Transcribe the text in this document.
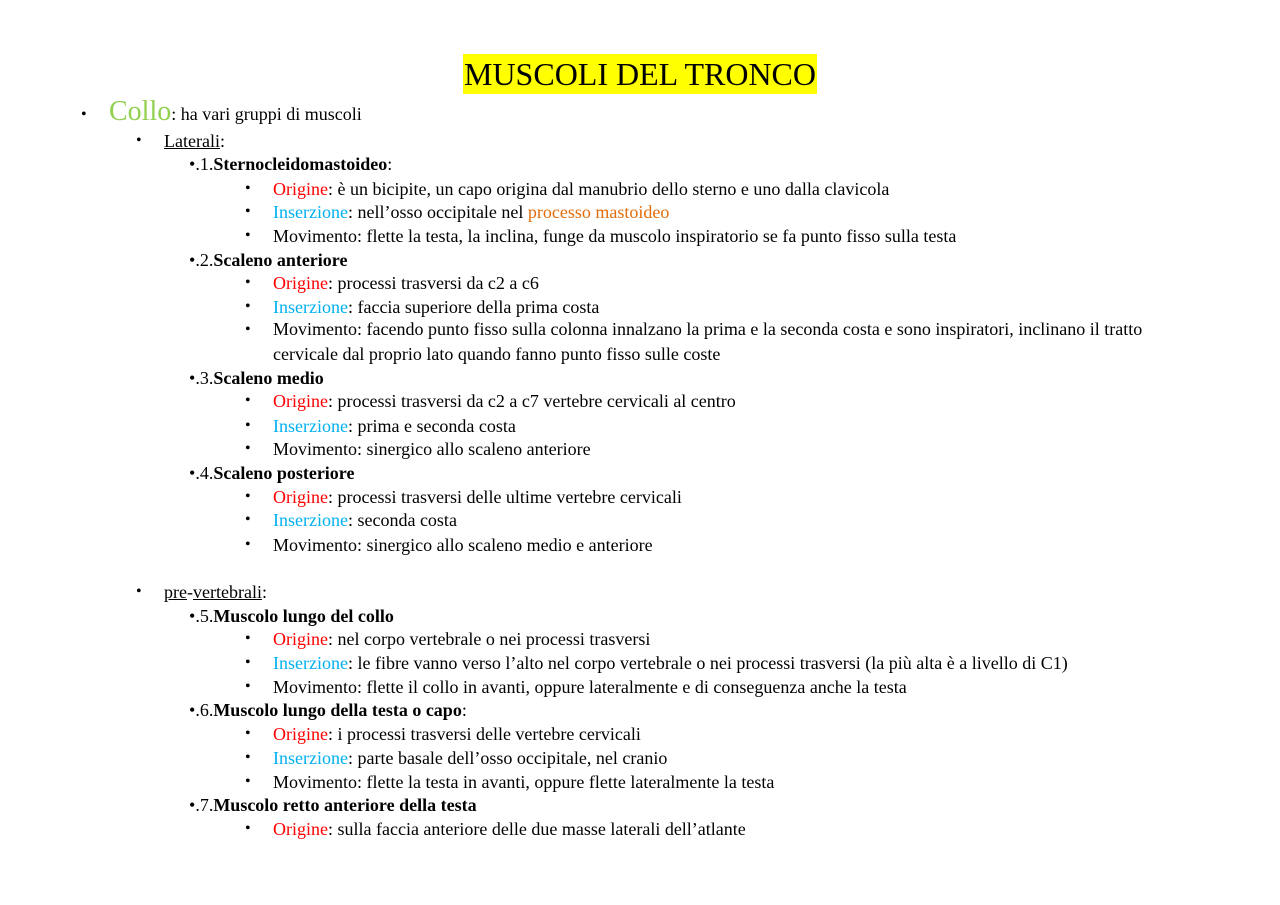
MUSCOLI DEL TRONCO
• Collo: ha vari gruppi di muscoli
• Laterali:
•.1.Sternocleidomastoideo:
• Origine: è un bicipite, un capo origina dal manubrio dello sterno e uno dalla clavicola
• Inserzione: nell’osso occipitale nel processo mastoideo
• Movimento: flette la testa, la inclina, funge da muscolo inspiratorio se fa punto fisso sulla testa
•.2.Scaleno anteriore
• Origine: processi trasversi da c2 a c6
• Inserzione: faccia superiore della prima costa
• Movimento: facendo punto fisso sulla colonna innalzano la prima e la seconda costa e sono inspiratori, inclinano il tratto cervicale dal proprio lato quando fanno punto fisso sulle coste
•.3.Scaleno medio
• Origine: processi trasversi da c2 a c7 vertebre cervicali al centro
• Inserzione: prima e seconda costa
• Movimento: sinergico allo scaleno anteriore
•.4.Scaleno posteriore
• Origine: processi trasversi delle ultime vertebre cervicali
• Inserzione: seconda costa
• Movimento: sinergico allo scaleno medio e anteriore
• pre-vertebrali:
•.5.Muscolo lungo del collo
• Origine: nel corpo vertebrale o nei processi trasversi
• Inserzione: le fibre vanno verso l’alto nel corpo vertebrale o nei processi trasversi (la più alta è a livello di C1)
• Movimento: flette il collo in avanti, oppure lateralmente e di conseguenza anche la testa
•.6.Muscolo lungo della testa o capo:
• Origine: i processi trasversi delle vertebre cervicali
• Inserzione: parte basale dell’osso occipitale, nel cranio
• Movimento: flette la testa in avanti, oppure flette lateralmente la testa
•.7.Muscolo retto anteriore della testa
• Origine: sulla faccia anteriore delle due masse laterali dell’atlante
